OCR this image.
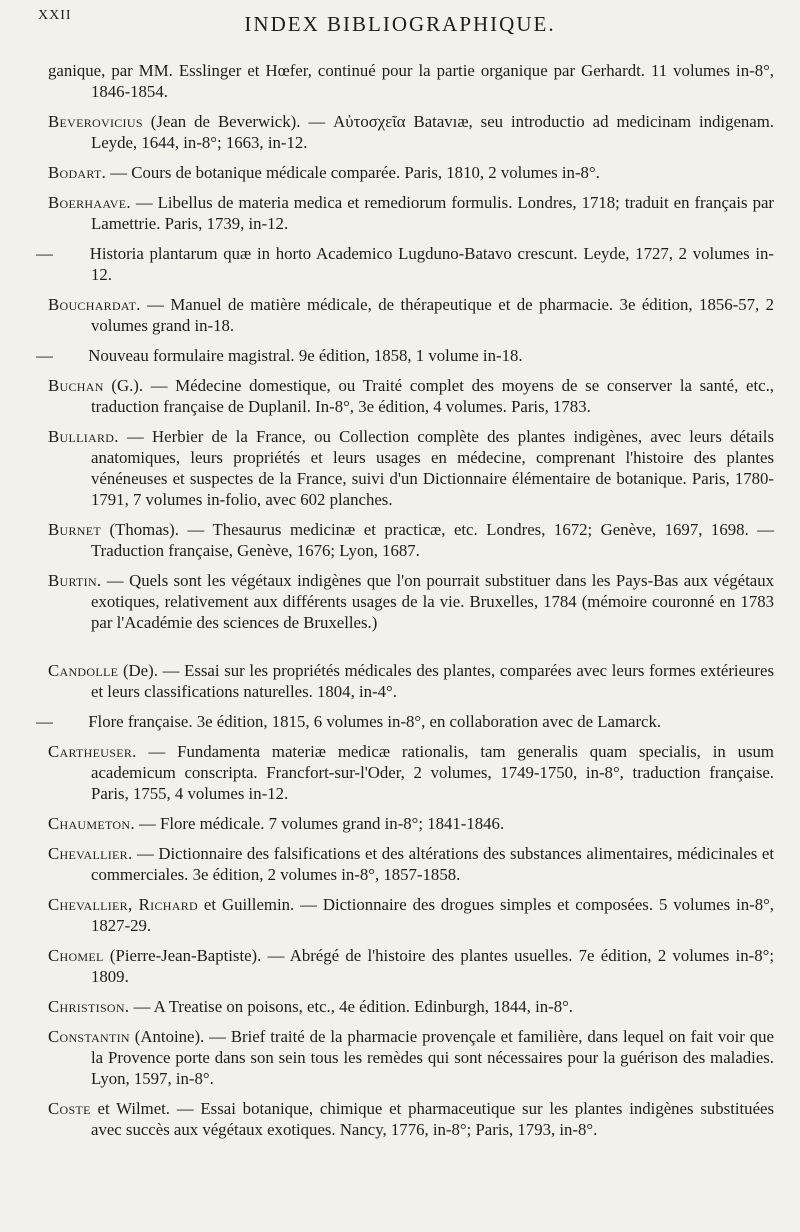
XXII	INDEX BIBLIOGRAPHIQUE.

ganique, par MM. Esslinger et Hœfer, continué pour la partie organique par Gerhardt. 11 volumes in-8°, 1846-1854.

Beverovicius (Jean de Beverwick). — Αὐτοσχεῖα Batavıæ, seu introductio ad medicinam indigenam. Leyde, 1644, in-8°; 1663, in-12.

Bodart. — Cours de botanique médicale comparée. Paris, 1810, 2 volumes in-8°.

Boerhaave. — Libellus de materia medica et remediorum formulis. Londres, 1718; traduit en français par Lamettrie. Paris, 1739, in-12.

— Historia plantarum quæ in horto Academico Lugduno-Batavo crescunt. Leyde, 1727, 2 volumes in-12.

Bouchardat. — Manuel de matière médicale, de thérapeutique et de pharmacie. 3e édition, 1856-57, 2 volumes grand in-18.

— Nouveau formulaire magistral. 9e édition, 1858, 1 volume in-18.

Buchan (G.). — Médecine domestique, ou Traité complet des moyens de se conserver la santé, etc., traduction française de Duplanil. In-8°, 3e édition, 4 volumes. Paris, 1783.

Bulliard. — Herbier de la France, ou Collection complète des plantes indigènes, avec leurs détails anatomiques, leurs propriétés et leurs usages en médecine, comprenant l'histoire des plantes vénéneuses et suspectes de la France, suivi d'un Dictionnaire élémentaire de botanique. Paris, 1780-1791, 7 volumes in-folio, avec 602 planches.

Burnet (Thomas). — Thesaurus medicinæ et practicæ, etc. Londres, 1672; Genève, 1697, 1698. — Traduction française, Genève, 1676; Lyon, 1687.

Burtin. — Quels sont les végétaux indigènes que l'on pourrait substituer dans les Pays-Bas aux végétaux exotiques, relativement aux différents usages de la vie. Bruxelles, 1784 (mémoire couronné en 1783 par l'Académie des sciences de Bruxelles.)

Candolle (De). — Essai sur les propriétés médicales des plantes, comparées avec leurs formes extérieures et leurs classifications naturelles. 1804, in-4°.

— Flore française. 3e édition, 1815, 6 volumes in-8°, en collaboration avec de Lamarck.

Cartheuser. — Fundamenta materiæ medicæ rationalis, tam generalis quam specialis, in usum academicum conscripta. Francfort-sur-l'Oder, 2 volumes, 1749-1750, in-8°, traduction française. Paris, 1755, 4 volumes in-12.

Chaumeton. — Flore médicale. 7 volumes grand in-8°; 1841-1846.

Chevallier. — Dictionnaire des falsifications et des altérations des substances alimentaires, médicinales et commerciales. 3e édition, 2 volumes in-8°, 1857-1858.

Chevallier, Richard et Guillemin. — Dictionnaire des drogues simples et composées. 5 volumes in-8°, 1827-29.

Chomel (Pierre-Jean-Baptiste). — Abrégé de l'histoire des plantes usuelles. 7e édition, 2 volumes in-8°; 1809.

Christison. — A Treatise on poisons, etc., 4e édition. Edinburgh, 1844, in-8°.

Constantin (Antoine). — Brief traité de la pharmacie provençale et familière, dans lequel on fait voir que la Provence porte dans son sein tous les remèdes qui sont nécessaires pour la guérison des maladies. Lyon, 1597, in-8°.

Coste et Wilmet. — Essai botanique, chimique et pharmaceutique sur les plantes indigènes substituées avec succès aux végétaux exotiques. Nancy, 1776, in-8°; Paris, 1793, in-8°.
